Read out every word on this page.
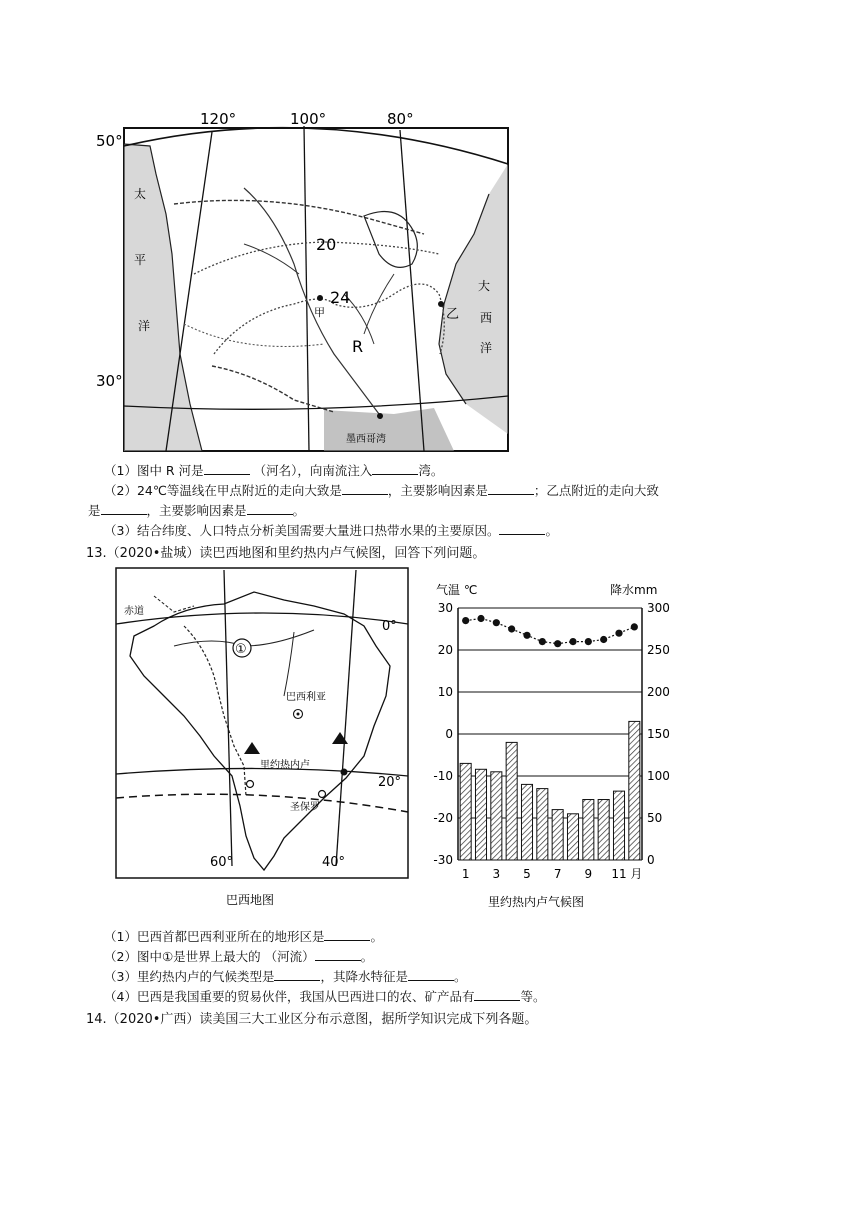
120°	100°	80°
50°
30°
20
24
甲	乙
R
太
平
洋
大
西
洋
墨西哥湾
（1）图中 R 河是	（河名），向南流注入	湾。
（2）24℃等温线在甲点附近的走向大致是	，主要影响因素是	；乙点附近的走向大致
是	，主要影响因素是	。
（3）结合纬度、人口特点分析美国需要大量进口热带水果的主要原因。	。
13.（2020•盐城）读巴西地图和里约热内卢气候图，回答下列问题。
赤道
0°
20°
60°	40°
①
巴西利亚
里约热内卢
圣保罗
巴西地图
气温 ℃	降水mm
30
20
10
0
-10
-20
-30
300
250
200
150
100
50
0
1 3 5 7 9 11 月
里约热内卢气候图
（1）巴西首都巴西利亚所在的地形区是	。
（2）图中①是世界上最大的 （河流）	。
（3）里约热内卢的气候类型是	，其降水特征是	。
（4）巴西是我国重要的贸易伙伴，我国从巴西进口的农、矿产品有	等。
14.（2020•广西）读美国三大工业区分布示意图，据所学知识完成下列各题。
